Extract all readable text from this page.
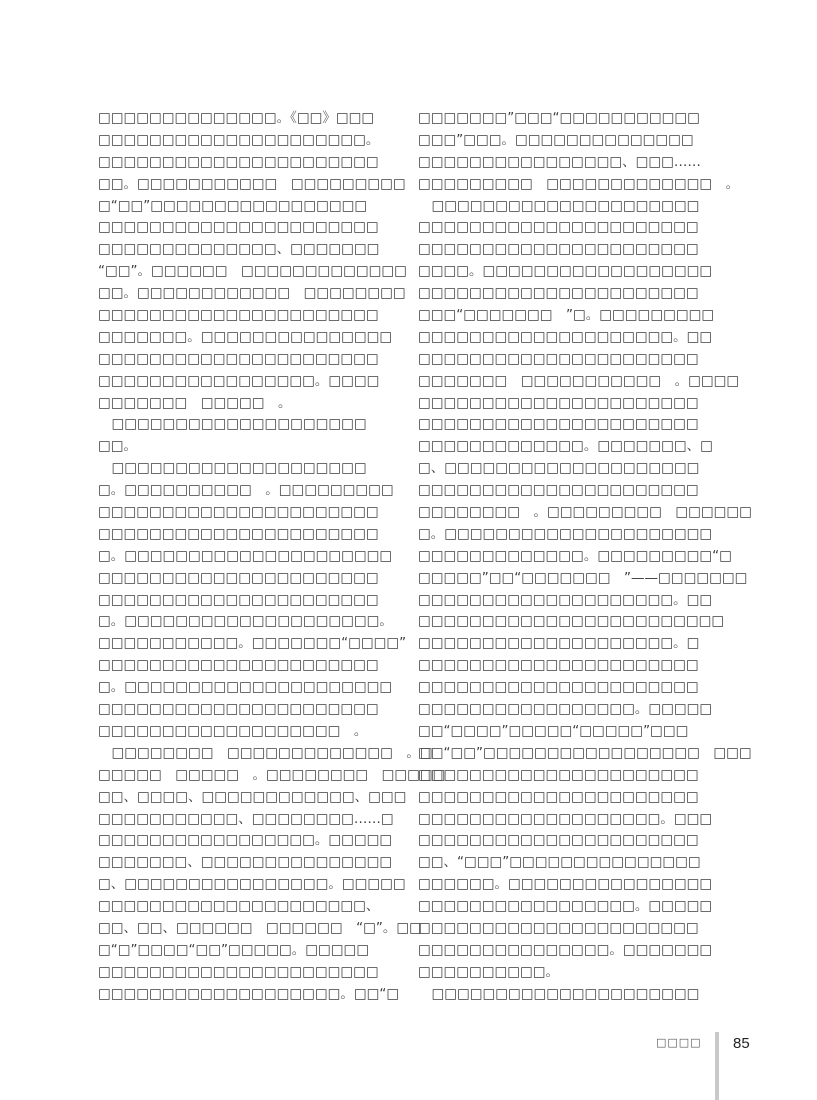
□□□□□□□□□□□□□□。《□□》□□□
□□□□□□□□□□□□□□□□□□□□□。
□□□□□□□□□□□□□□□□□□□□□□
□□。□□□□□□□□□□□　□□□□□□□□□
□“□□”□□□□□□□□□□□□□□□□□
□□□□□□□□□□□□□□□□□□□□□□
□□□□□□□□□□□□□□、□□□□□□□
“□□”。□□□□□□　□□□□□□□□□□□□□
□□。□□□□□□□□□□□□　□□□□□□□□
□□□□□□□□□□□□□□□□□□□□□□
□□□□□□□。□□□□□□□□□□□□□□□
□□□□□□□□□□□□□□□□□□□□□□
□□□□□□□□□□□□□□□□□。□□□□
□□□□□□□　□□□□□　。
　□□□□□□□□□□□□□□□□□□□□
□□。
　□□□□□□□□□□□□□□□□□□□□
□。□□□□□□□□□□　。□□□□□□□□□
□□□□□□□□□□□□□□□□□□□□□□
□□□□□□□□□□□□□□□□□□□□□□
□。□□□□□□□□□□□□□□□□□□□□□
□□□□□□□□□□□□□□□□□□□□□□
□□□□□□□□□□□□□□□□□□□□□□
□。□□□□□□□□□□□□□□□□□□□□。
□□□□□□□□□□□。□□□□□□□“□□□□”
□□□□□□□□□□□□□□□□□□□□□□
□。□□□□□□□□□□□□□□□□□□□□□
□□□□□□□□□□□□□□□□□□□□□□
□□□□□□□□□□□□□□□□□□□　。
　□□□□□□□□　□□□□□□□□□□□□□　。□
□□□□□　□□□□□　。□□□□□□□□　□□□□□
□□、□□□□、□□□□□□□□□□□□、□□□
□□□□□□□□□□□、□□□□□□□□……□
□□□□□□□□□□□□□□□□□。□□□□□
□□□□□□□、□□□□□□□□□□□□□□□
□、□□□□□□□□□□□□□□□□。□□□□□
□□□□□□□□□□□□□□□□□□□□□、
□□、□□、□□□□□□　□□□□□□　“□”。□□
□“□”□□□□“□□”□□□□□。□□□□□
□□□□□□□□□□□□□□□□□□□□□□
□□□□□□□□□□□□□□□□□□□。□□“□
□□□□□□□”□□□“□□□□□□□□□□□
□□□”□□□。□□□□□□□□□□□□□□
□□□□□□□□□□□□□□□□、□□□……
□□□□□□□□□　□□□□□□□□□□□□□　。
　□□□□□□□□□□□□□□□□□□□□□
□□□□□□□□□□□□□□□□□□□□□□
□□□□□□□□□□□□□□□□□□□□□□
□□□□。□□□□□□□□□□□□□□□□□□
□□□□□□□□□□□□□□□□□□□□□□
□□□“□□□□□□□　”□。□□□□□□□□□
□□□□□□□□□□□□□□□□□□□□。□□
□□□□□□□□□□□□□□□□□□□□□□
□□□□□□□　□□□□□□□□□□□　。□□□□
□□□□□□□□□□□□□□□□□□□□□□
□□□□□□□□□□□□□□□□□□□□□□
□□□□□□□□□□□□□。□□□□□□□、□
□、□□□□□□□□□□□□□□□□□□□□
□□□□□□□□□□□□□□□□□□□□□□
□□□□□□□□　。□□□□□□□□□　□□□□□□
□。□□□□□□□□□□□□□□□□□□□□□
□□□□□□□□□□□□□。□□□□□□□□□“□
□□□□□”□□“□□□□□□□　”——□□□□□□□
□□□□□□□□□□□□□□□□□□□□。□□
□□□□□□□□□□□□□□□□□□□□□□□□
□□□□□□□□□□□□□□□□□□□□。□
□□□□□□□□□□□□□□□□□□□□□□
□□□□□□□□□□□□□□□□□□□□□□
□□□□□□□□□□□□□□□□□。□□□□□
□□“□□□□”□□□□□“□□□□□”□□□
□□“□□”□□□□□□□□□□□□□□□□□　□□□
□□□□□□□□□□□□□□□□□□□□□□
□□□□□□□□□□□□□□□□□□□□□□
□□□□□□□□□□□□□□□□□□□。□□□
□□□□□□□□□□□□□□□□□□□□□□
□□、“□□□”□□□□□□□□□□□□□□□
□□□□□□。□□□□□□□□□□□□□□□□
□□□□□□□□□□□□□□□□□。□□□□□
□□□□□□□□□□□□□□□□□□□□□□
□□□□□□□□□□□□□□□。□□□□□□□
□□□□□□□□□□。
　□□□□□□□□□□□□□□□□□□□□□
□□□□ 85
